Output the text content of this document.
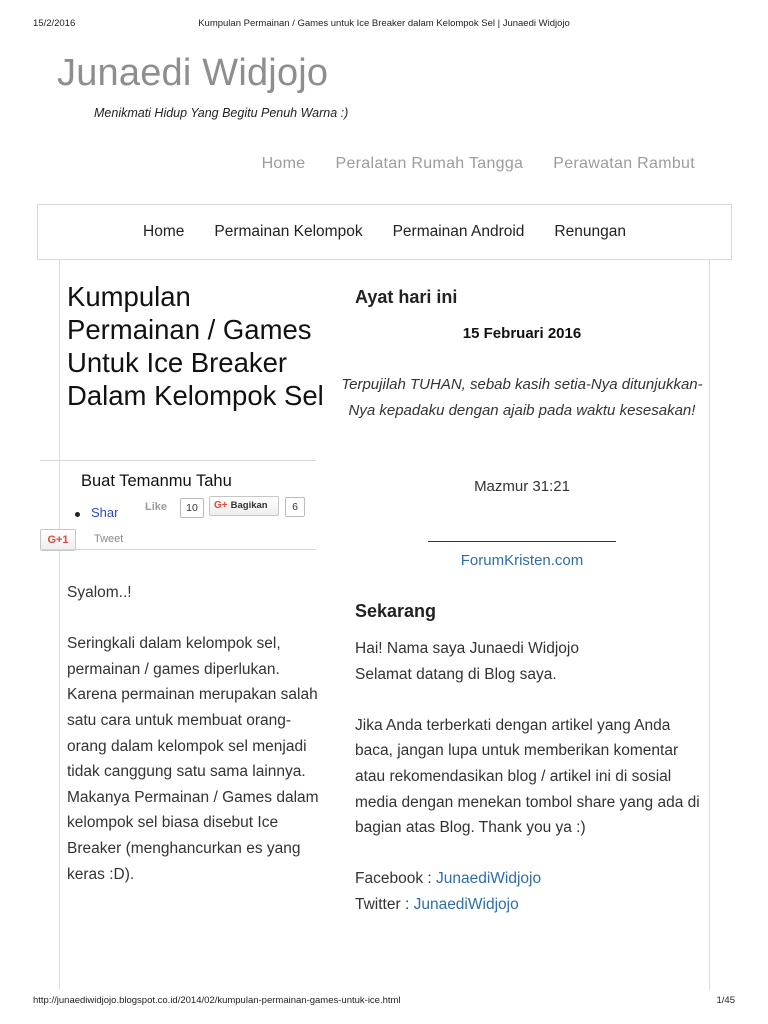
15/2/2016	Kumpulan Permainan / Games untuk Ice Breaker dalam Kelompok Sel | Junaedi Widjojo
Junaedi Widjojo
Menikmati Hidup Yang Begitu Penuh Warna :)
Home Peralatan Rumah Tangga Perawatan Rambut
Home Permainan Kelompok Permainan Android Renungan
Kumpulan Permainan / Games Untuk Ice Breaker Dalam Kelompok Sel
Buat Temanmu Tahu
Shar Like	10	G+ Bagikan	6
G+1	Tweet

Syalom..!

Seringkali dalam kelompok sel, permainan / games diperlukan. Karena permainan merupakan salah satu cara untuk membuat orang-orang dalam kelompok sel menjadi tidak canggung satu sama lainnya. Makanya Permainan / Games dalam kelompok sel biasa disebut Ice Breaker (menghancurkan es yang keras :D).

Ayat hari ini
15 Februari 2016
Terpujilah TUHAN, sebab kasih setia-Nya ditunjukkan-Nya kepadaku dengan ajaib pada waktu kesesakan!
Mazmur 31:21
ForumKristen.com
Sekarang

Hai! Nama saya Junaedi Widjojo
Selamat datang di Blog saya.

Jika Anda terberkati dengan artikel yang Anda baca, jangan lupa untuk memberikan komentar atau rekomendasikan blog / artikel ini di sosial media dengan menekan tombol share yang ada di bagian atas Blog. Thank you ya :)

Facebook : JunaediWidjojo
Twitter : JunaediWidjojo
http://junaediwidjojo.blogspot.co.id/2014/02/kumpulan-permainan-games-untuk-ice.html	1/45
